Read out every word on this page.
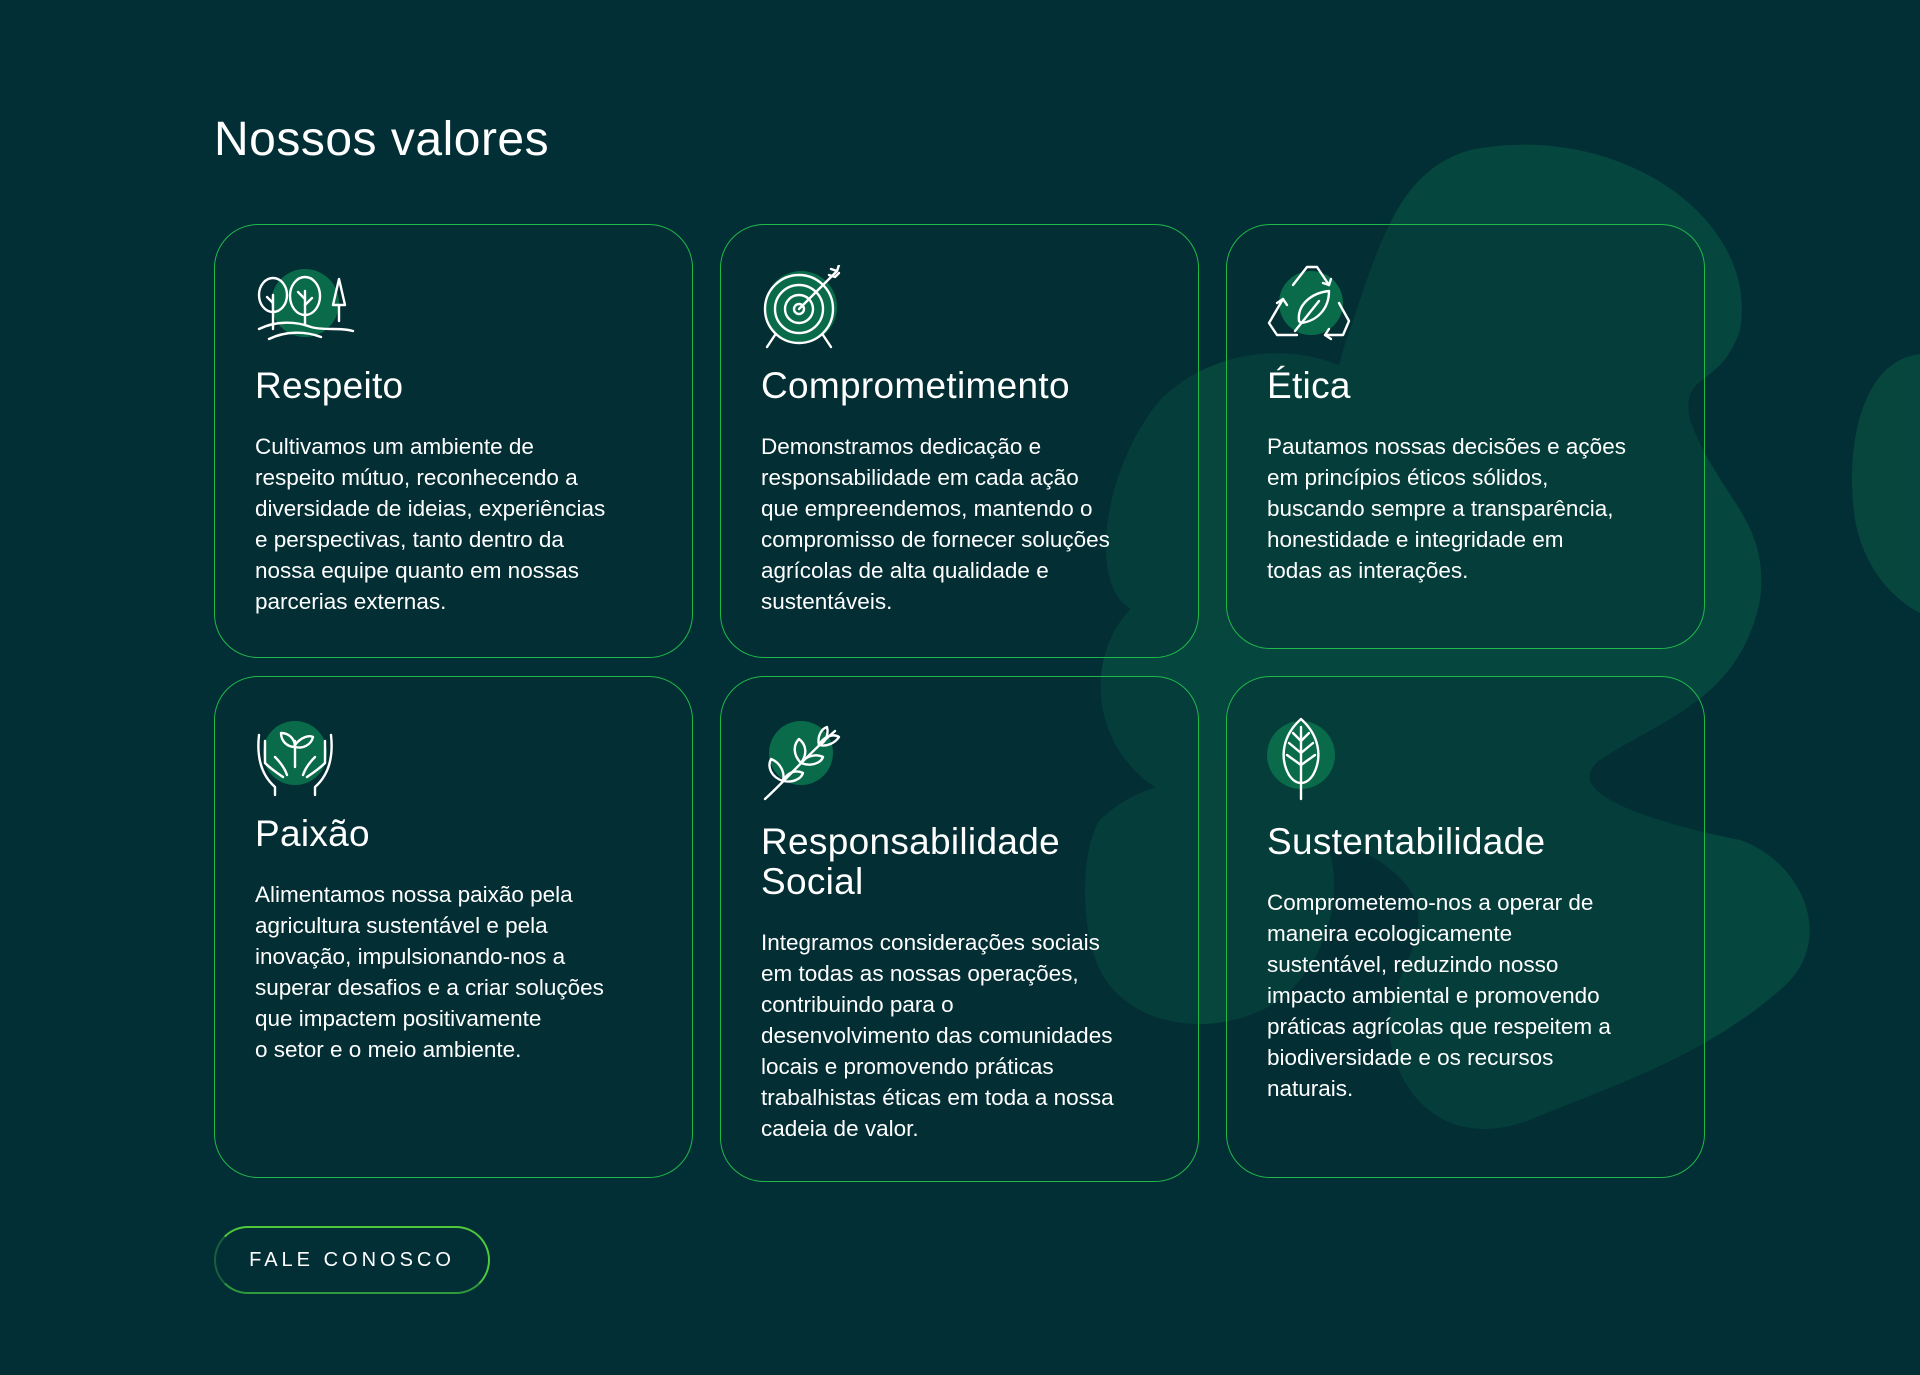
Nossos valores
Respeito

Cultivamos um ambiente de
respeito mútuo, reconhecendo a
diversidade de ideias, experiências
e perspectivas, tanto dentro da
nossa equipe quanto em nossas
parcerias externas.

Comprometimento

Demonstramos dedicação e
responsabilidade em cada ação
que empreendemos, mantendo o
compromisso de fornecer soluções
agrícolas de alta qualidade e
sustentáveis.

Ética

Pautamos nossas decisões e ações
em princípios éticos sólidos,
buscando sempre a transparência,
honestidade e integridade em
todas as interações.

Paixão

Alimentamos nossa paixão pela
agricultura sustentável e pela
inovação, impulsionando-nos a
superar desafios e a criar soluções
que impactem positivamente
o setor e o meio ambiente.

Responsabilidade
Social

Integramos considerações sociais
em todas as nossas operações,
contribuindo para o
desenvolvimento das comunidades
locais e promovendo práticas
trabalhistas éticas em toda a nossa
cadeia de valor.

Sustentabilidade

Comprometemo-nos a operar de
maneira ecologicamente
sustentável, reduzindo nosso
impacto ambiental e promovendo
práticas agrícolas que respeitem a
biodiversidade e os recursos
naturais.

FALE CONOSCO
